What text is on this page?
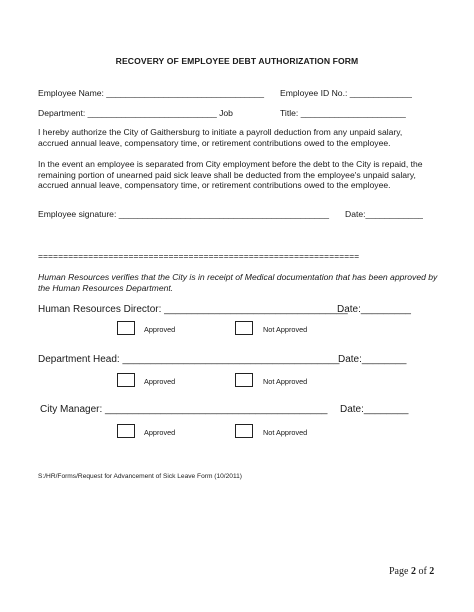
RECOVERY OF EMPLOYEE DEBT AUTHORIZATION FORM
Employee Name: _________________________________ Employee ID No.: _____________
Department: ___________________________ Job	Title: ______________________
I hereby authorize the City of Gaithersburg to initiate a payroll deduction from any unpaid salary,
accrued annual leave, compensatory time, or retirement contributions owed to the employee.
In the event an employee is separated from City employment before the debt to the City is repaid, the
remaining portion of unearned paid sick leave shall be deducted from the employee's unpaid salary,
accrued annual leave, compensatory time, or retirement contributions owed to the employee.
Employee signature: ____________________________________________ Date:____________
================================================================
Human Resources verifies that the City is in receipt of Medical documentation that has been approved by
the Human Resources Department.
Human Resources Director: _________________________________
Date:_________
Approved	Not Approved
Department Head: _______________________________________
Date:________
Approved	Not Approved
City Manager: ________________________________________ Date:________
Approved	Not Approved
S:/HR/Forms/Request for Advancement of Sick Leave Form (10/2011)
Page 2 of 2
